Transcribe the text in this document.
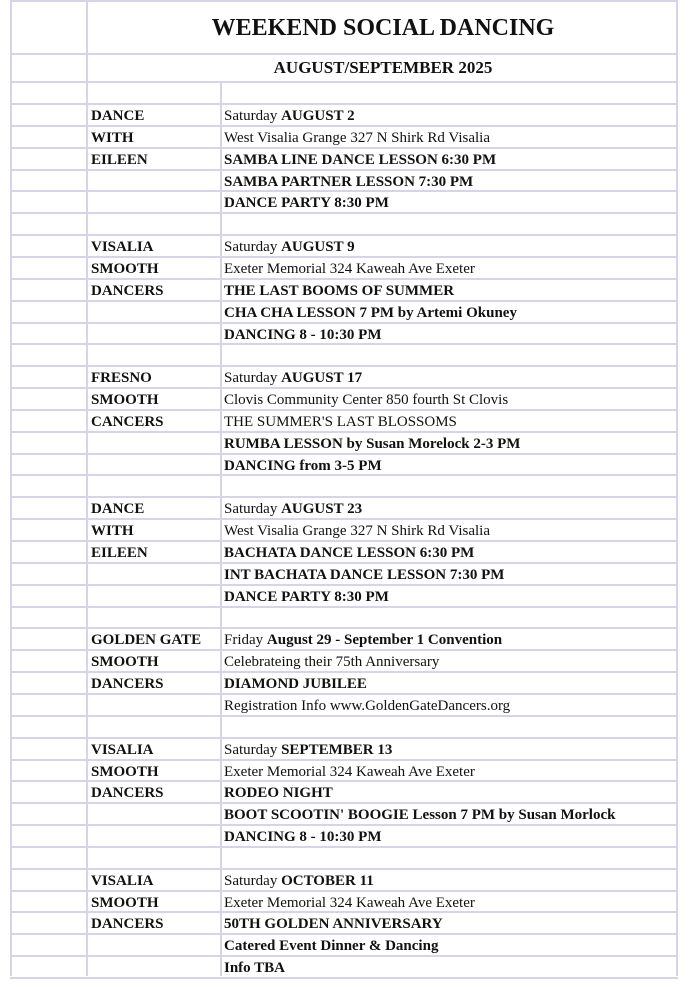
WEEKEND SOCIAL DANCING
AUGUST/SEPTEMBER 2025
DANCE	Saturday AUGUST 2
WITH	West Visalia Grange 327 N Shirk Rd Visalia
EILEEN	SAMBA LINE DANCE LESSON 6:30 PM
SAMBA PARTNER LESSON 7:30 PM
DANCE PARTY 8:30 PM
VISALIA	Saturday AUGUST 9
SMOOTH	Exeter Memorial 324 Kaweah Ave Exeter
DANCERS	THE LAST BOOMS OF SUMMER
CHA CHA LESSON 7 PM by Artemi Okuney
DANCING 8 - 10:30 PM
FRESNO	Saturday AUGUST 17
SMOOTH	Clovis Community Center 850 fourth St Clovis
CANCERS	THE SUMMER'S LAST BLOSSOMS
RUMBA LESSON by Susan Morelock 2-3 PM
DANCING from 3-5 PM
DANCE	Saturday AUGUST 23
WITH	West Visalia Grange 327 N Shirk Rd Visalia
EILEEN	BACHATA DANCE LESSON 6:30 PM
INT BACHATA DANCE LESSON 7:30 PM
DANCE PARTY 8:30 PM
GOLDEN GATE Friday August 29 - September 1 Convention
SMOOTH	Celebrateing their 75th Anniversary
DANCERS	DIAMOND JUBILEE
Registration Info www.GoldenGateDancers.org
VISALIA	Saturday SEPTEMBER 13
SMOOTH	Exeter Memorial 324 Kaweah Ave Exeter
DANCERS	RODEO NIGHT
BOOT SCOOTIN' BOOGIE Lesson 7 PM by Susan Morlock
DANCING 8 - 10:30 PM
VISALIA	Saturday OCTOBER 11
SMOOTH	Exeter Memorial 324 Kaweah Ave Exeter
DANCERS	50TH GOLDEN ANNIVERSARY
Catered Event Dinner & Dancing
Info TBA
